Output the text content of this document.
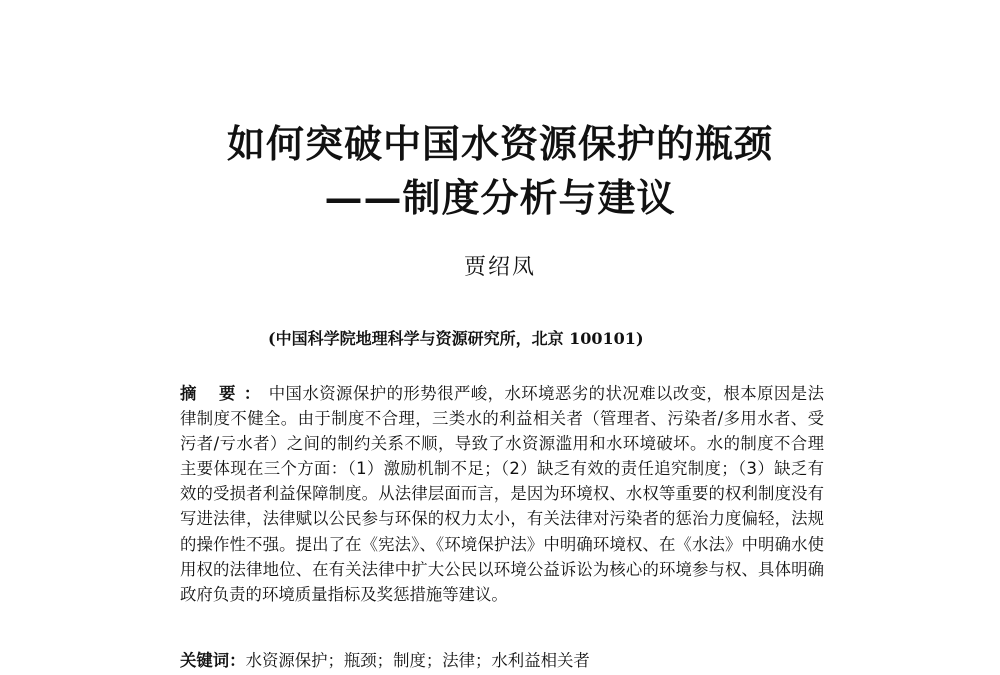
如何突破中国水资源保护的瓶颈
——制度分析与建议
贾绍凤
(中国科学院地理科学与资源研究所，北京 100101)
摘 要：中国水资源保护的形势很严峻，水环境恶劣的状况难以改变，根本原因是法律制度不健全。由于制度不合理，三类水的利益相关者（管理者、污染者/多用水者、受污者/亏水者）之间的制约关系不顺，导致了水资源滥用和水环境破坏。水的制度不合理主要体现在三个方面：（1）激励机制不足；（2）缺乏有效的责任追究制度；（3）缺乏有效的受损者利益保障制度。从法律层面而言，是因为环境权、水权等重要的权利制度没有写进法律，法律赋以公民参与环保的权力太小，有关法律对污染者的惩治力度偏轻，法规的操作性不强。提出了在《宪法》、《环境保护法》中明确环境权、在《水法》中明确水使用权的法律地位、在有关法律中扩大公民以环境公益诉讼为核心的环境参与权、具体明确政府负责的环境质量指标及奖惩措施等建议。
关键词：水资源保护；瓶颈；制度；法律；水利益相关者
